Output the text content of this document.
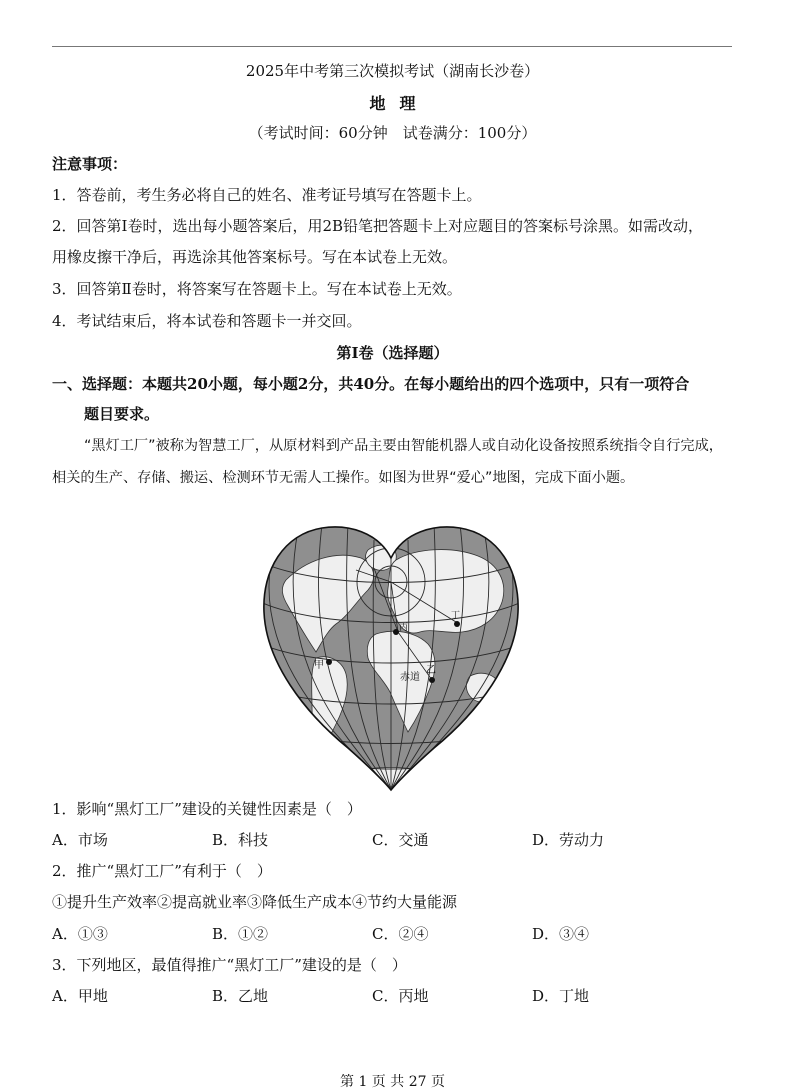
2025年中考第三次模拟考试（湖南长沙卷）
地理
（考试时间：60分钟　试卷满分：100分）
注意事项：
1．答卷前，考生务必将自己的姓名、准考证号填写在答题卡上。
2．回答第Ⅰ卷时，选出每小题答案后，用2B铅笔把答题卡上对应题目的答案标号涂黑。如需改动，
用橡皮擦干净后，再选涂其他答案标号。写在本试卷上无效。
3．回答第Ⅱ卷时，将答案写在答题卡上。写在本试卷上无效。
4．考试结束后，将本试卷和答题卡一并交回。
第Ⅰ卷（选择题）
一、选择题：本题共20小题，每小题2分，共40分。在每小题给出的四个选项中，只有一项符合
题目要求。
“黑灯工厂”被称为智慧工厂，从原材料到产品主要由智能机器人或自动化设备按照系统指令自行完成，相关的生产、存储、搬运、检测环节无需人工操作。如图为世界“爱心”地图，完成下面小题。
甲
丙
丁
乙
赤道
1．影响“黑灯工厂”建设的关键性因素是（　）
A．市场	B．科技	C．交通	D．劳动力
2．推广“黑灯工厂”有利于（　）
①提升生产效率②提高就业率③降低生产成本④节约大量能源
A．①③	B．①②	C．②④	D．③④
3．下列地区，最值得推广“黑灯工厂”建设的是（　）
A．甲地	B．乙地	C．丙地	D．丁地
第 1 页 共 27 页
